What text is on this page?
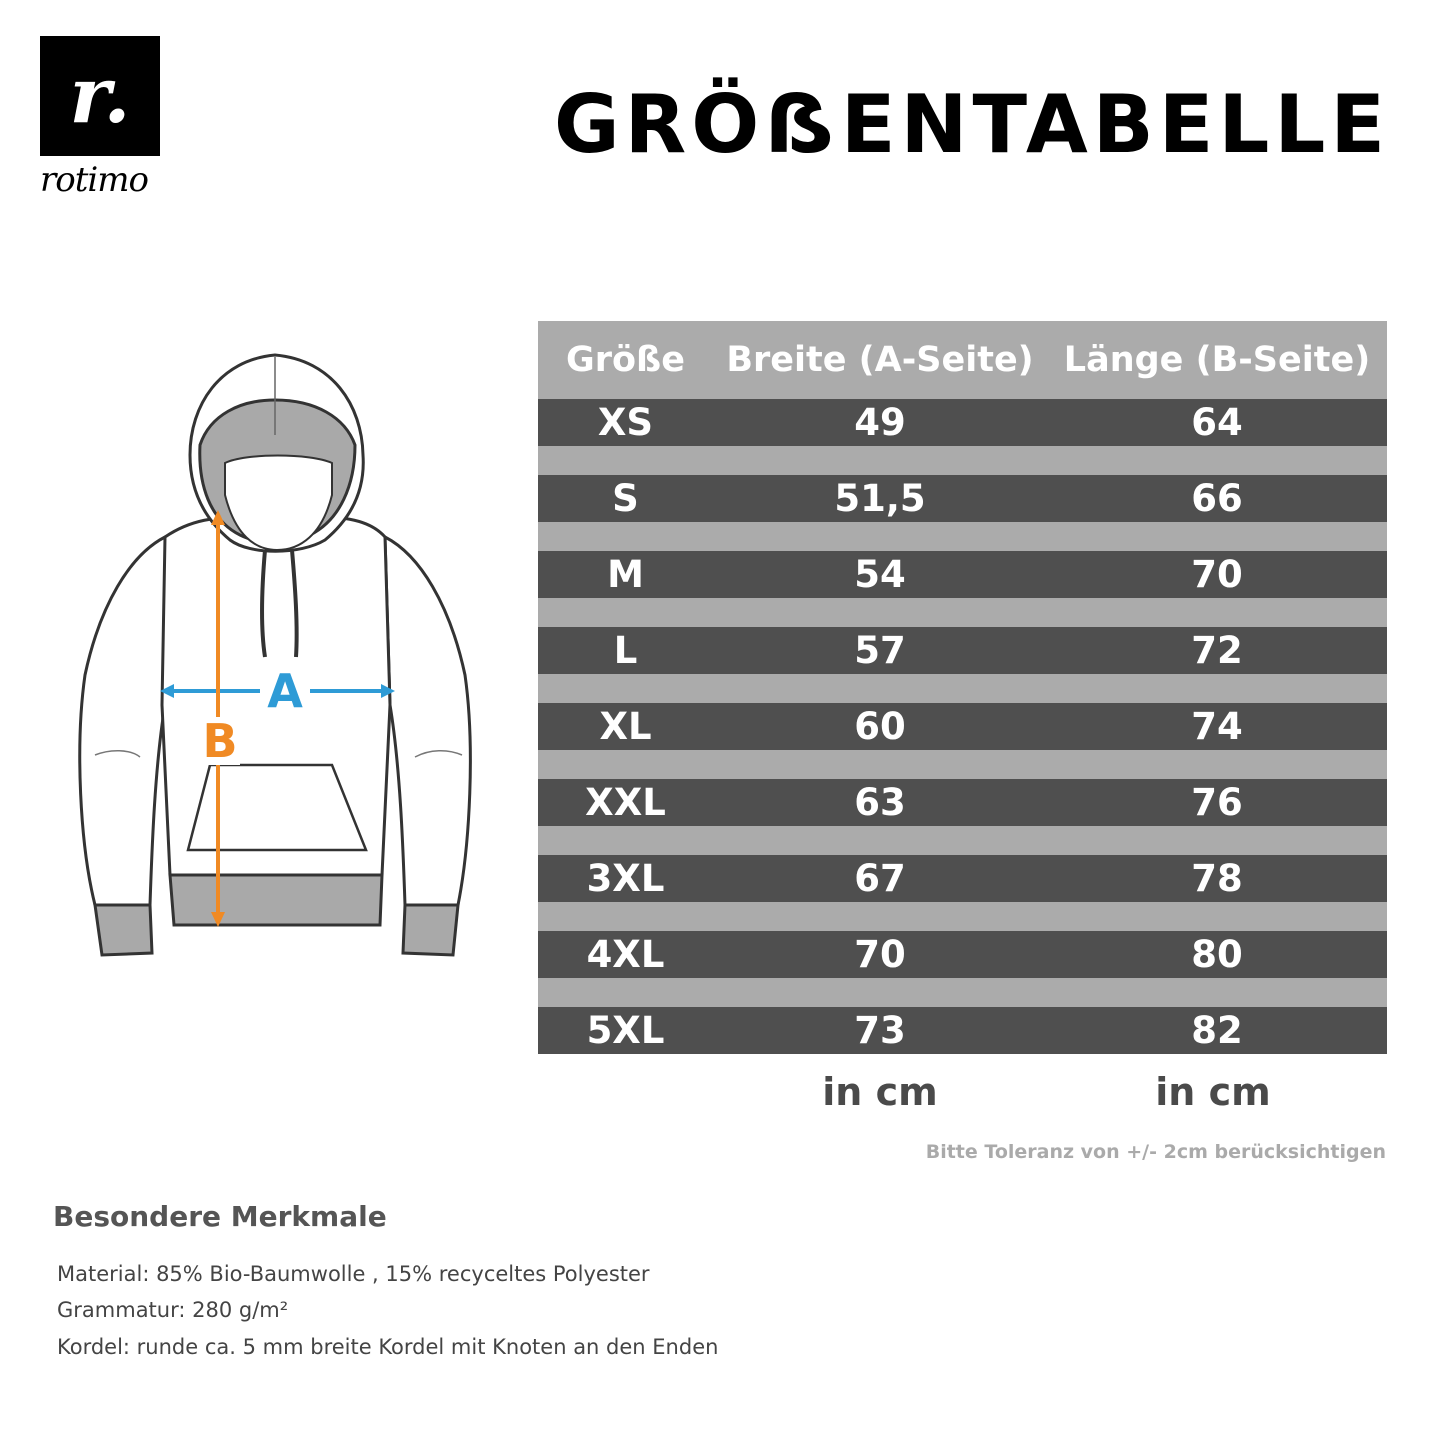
r.
rotimo
GRÖẞENTABELLE
A
B
Größe	Breite (A-Seite)	Länge (B-Seite)
XS	49	64

S	51,5	66

M	54	70

L	57	72

XL	60	74

XXL	63	76

3XL	67	78

4XL	70	80

5XL	73	82
in cm	in cm
Bitte Toleranz von +/- 2cm berücksichtigen
Besondere Merkmale
Material: 85% Bio-Baumwolle , 15% recyceltes Polyester
Grammatur: 280 g/m²
Kordel: runde ca. 5 mm breite Kordel mit Knoten an den Enden
